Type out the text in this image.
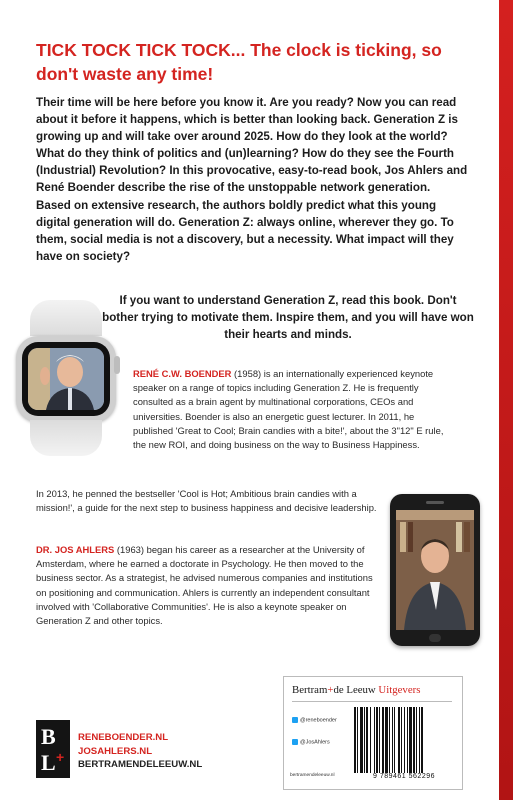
TICK TOCK TICK TOCK... The clock is ticking, so don't waste any time!
Their time will be here before you know it. Are you ready? Now you can read about it before it happens, which is better than looking back. Generation Z is growing up and will take over around 2025. How do they look at the world? What do they think of politics and (un)learning? How do they see the Fourth (Industrial) Revolution? In this provocative, easy-to-read book, Jos Ahlers and René Boender describe the rise of the unstoppable network generation. Based on extensive research, the authors boldly predict what this young digital generation will do. Generation Z: always online, wherever they go. To them, social media is not a discovery, but a necessity. What impact will they have on society?
If you want to understand Generation Z, read this book. Don't bother trying to motivate them. Inspire them, and you will have won their hearts and minds.
RENÉ C.W. BOENDER (1958) is an internationally experienced keynote speaker on a range of topics including Generation Z. He is frequently consulted as a brain agent by multinational corporations, CEOs and universities. Boender is also an energetic guest lecturer. In 2011, he published 'Great to Cool; Brain candies with a bite!', about the 3"12" E rule, the new ROI, and doing business on the way to Business Happiness.
In 2013, he penned the bestseller 'Cool is Hot; Ambitious brain candies with a mission!', a guide for the next step to business happiness and decisive leadership.
DR. JOS AHLERS (1963) began his career as a researcher at the University of Amsterdam, where he earned a doctorate in Psychology. He then moved to the business sector. As a strategist, he advised numerous companies and institutions on positioning and communication. Ahlers is currently an independent consultant involved with 'Collaborative Communities'. He is also a keynote speaker on Generation Z and other topics.
B
L +
RENEBOENDER.NL
JOSAHLERS.NL
BERTRAMENDELEEUW.NL
Bertram+de Leeuw Uitgevers
@reneboender
@JosAhlers
bertramendeleeuw.nl	9 789461 562296
